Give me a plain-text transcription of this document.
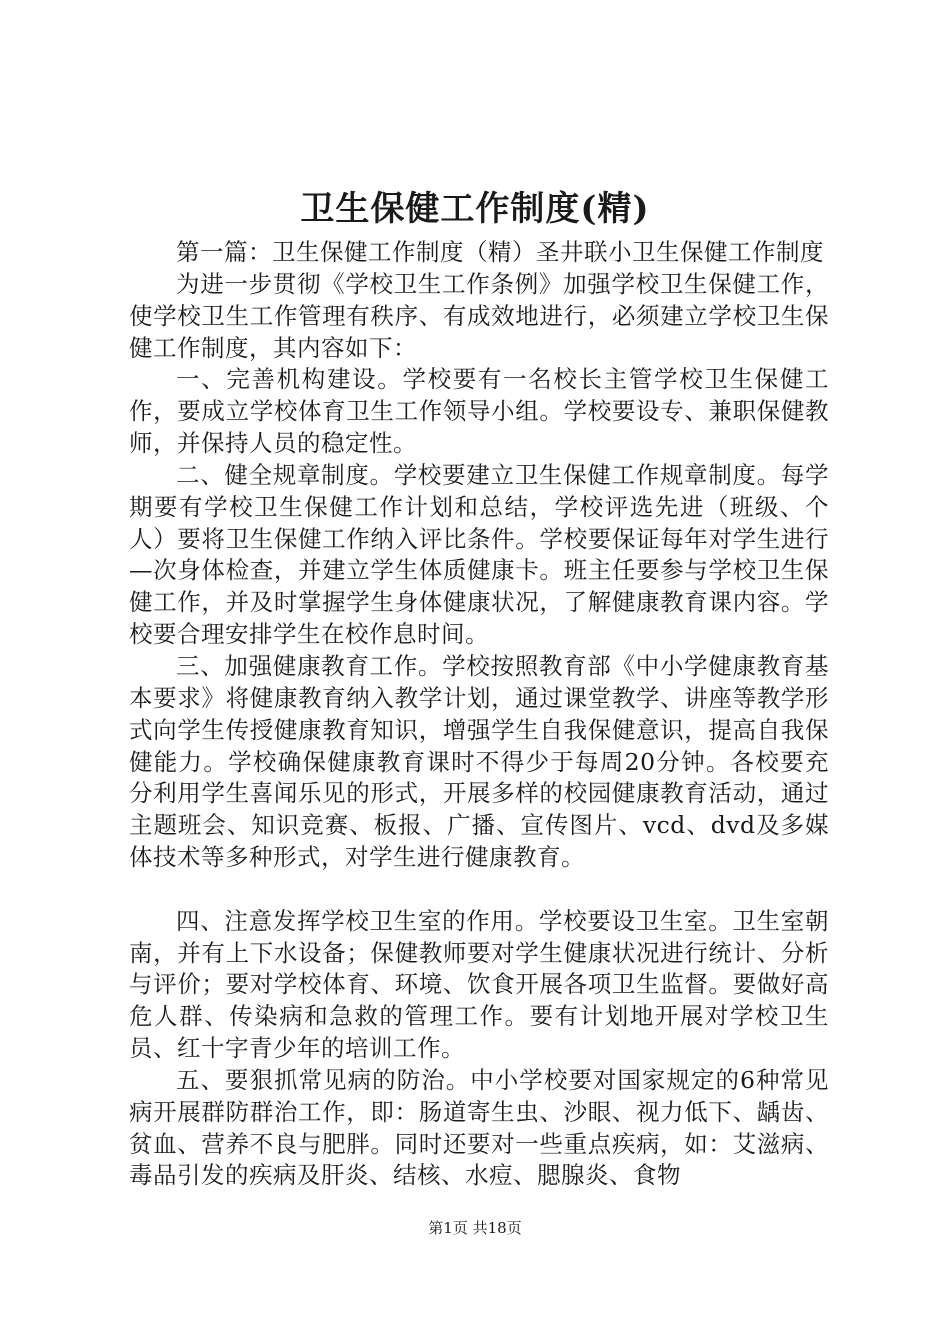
卫生保健工作制度(精)

第一篇：卫生保健工作制度（精）圣井联小卫生保健工作制度

为进一步贯彻《学校卫生工作条例》加强学校卫生保健工作，使学校卫生工作管理有秩序、有成效地进行，必须建立学校卫生保健工作制度，其内容如下：

一、完善机构建设。学校要有一名校长主管学校卫生保健工作，要成立学校体育卫生工作领导小组。学校要设专、兼职保健教师，并保持人员的稳定性。

二、健全规章制度。学校要建立卫生保健工作规章制度。每学期要有学校卫生保健工作计划和总结，学校评选先进（班级、个人）要将卫生保健工作纳入评比条件。学校要保证每年对学生进行—次身体检查，并建立学生体质健康卡。班主任要参与学校卫生保健工作，并及时掌握学生身体健康状况，了解健康教育课内容。学校要合理安排学生在校作息时间。

三、加强健康教育工作。学校按照教育部《中小学健康教育基本要求》将健康教育纳入教学计划，通过课堂教学、讲座等教学形式向学生传授健康教育知识，增强学生自我保健意识，提高自我保健能力。学校确保健康教育课时不得少于每周20分钟。各校要充分利用学生喜闻乐见的形式，开展多样的校园健康教育活动，通过主题班会、知识竞赛、板报、广播、宣传图片、vcd、dvd及多媒体技术等多种形式，对学生进行健康教育。

四、注意发挥学校卫生室的作用。学校要设卫生室。卫生室朝南，并有上下水设备；保健教师要对学生健康状况进行统计、分析与评价；要对学校体育、环境、饮食开展各项卫生监督。要做好高危人群、传染病和急救的管理工作。要有计划地开展对学校卫生员、红十字青少年的培训工作。

五、要狠抓常见病的防治。中小学校要对国家规定的6种常见病开展群防群治工作，即：肠道寄生虫、沙眼、视力低下、龋齿、贫血、营养不良与肥胖。同时还要对一些重点疾病，如：艾滋病、毒品引发的疾病及肝炎、结核、水痘、腮腺炎、食物

第1页 共18页
